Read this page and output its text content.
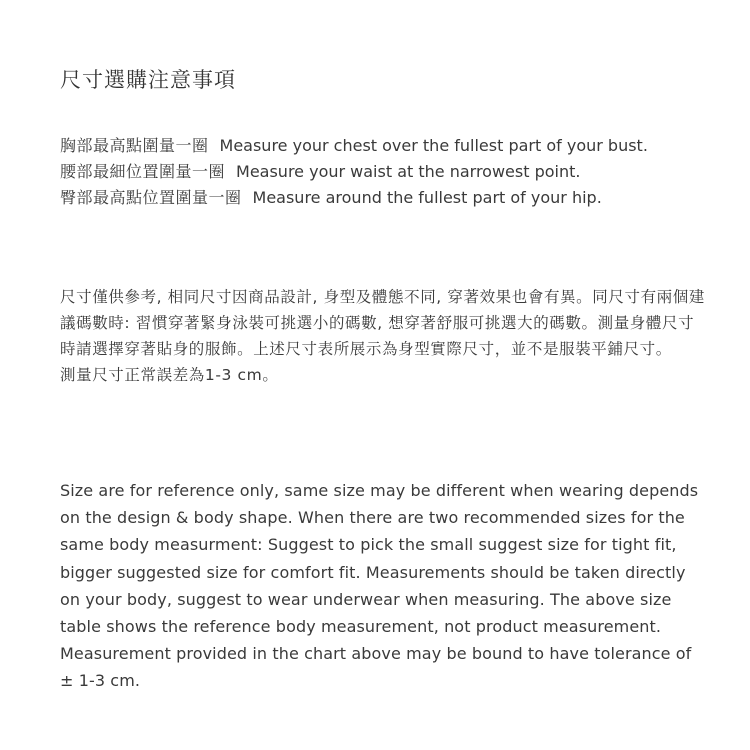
尺寸選購注意事項
胸部最高點圍量一圈 Measure your chest over the fullest part of your bust.
腰部最細位置圍量一圈 Measure your waist at the narrowest point.
臀部最高點位置圍量一圈 Measure around the fullest part of your hip.

尺寸僅供參考, 相同尺寸因商品設計, 身型及體態不同, 穿著效果也會有異。同尺寸有兩個建議碼數時: 習慣穿著緊身泳裝可挑選小的碼數, 想穿著舒服可挑選大的碼數。測量身體尺寸時請選擇穿著貼身的服飾。上述尺寸表所展示為身型實際尺寸，並不是服裝平鋪尺寸。
測量尺寸正常誤差為1-3 cm。

Size are for reference only, same size may be different when wearing depends on the design & body shape. When there are two recommended sizes for the same body measurment: Suggest to pick the small suggest size for tight fit, bigger suggested size for comfort fit. Measurements should be taken directly on your body, suggest to wear underwear when measuring. The above size table shows the reference body measurement, not product measurement. Measurement provided in the chart above may be bound to have tolerance of ± 1-3 cm.
